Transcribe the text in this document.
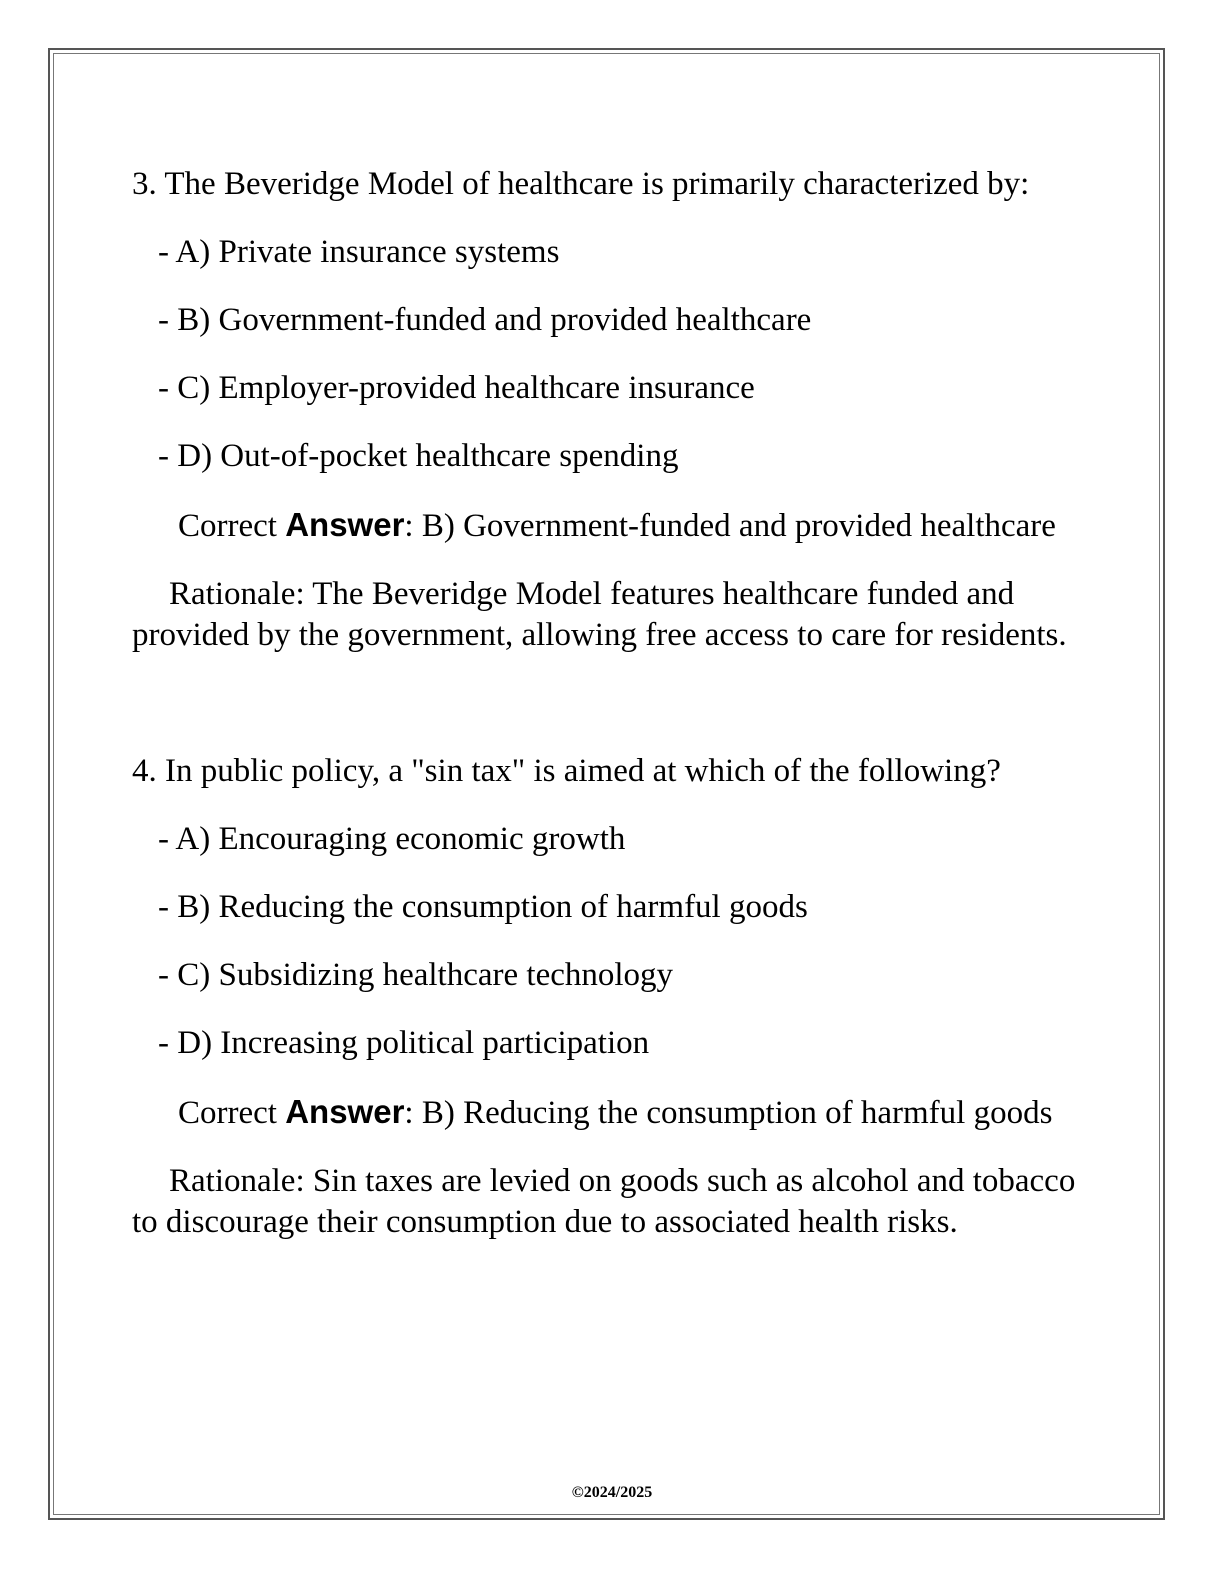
3. The Beveridge Model of healthcare is primarily characterized by:

- A) Private insurance systems

- B) Government-funded and provided healthcare

- C) Employer-provided healthcare insurance

- D) Out-of-pocket healthcare spending

Correct Answer: B) Government-funded and provided healthcare

Rationale: The Beveridge Model features healthcare funded and provided by the government, allowing free access to care for residents.

4. In public policy, a "sin tax" is aimed at which of the following?

- A) Encouraging economic growth

- B) Reducing the consumption of harmful goods

- C) Subsidizing healthcare technology

- D) Increasing political participation

Correct Answer: B) Reducing the consumption of harmful goods

Rationale: Sin taxes are levied on goods such as alcohol and tobacco to discourage their consumption due to associated health risks.

©2024/2025
